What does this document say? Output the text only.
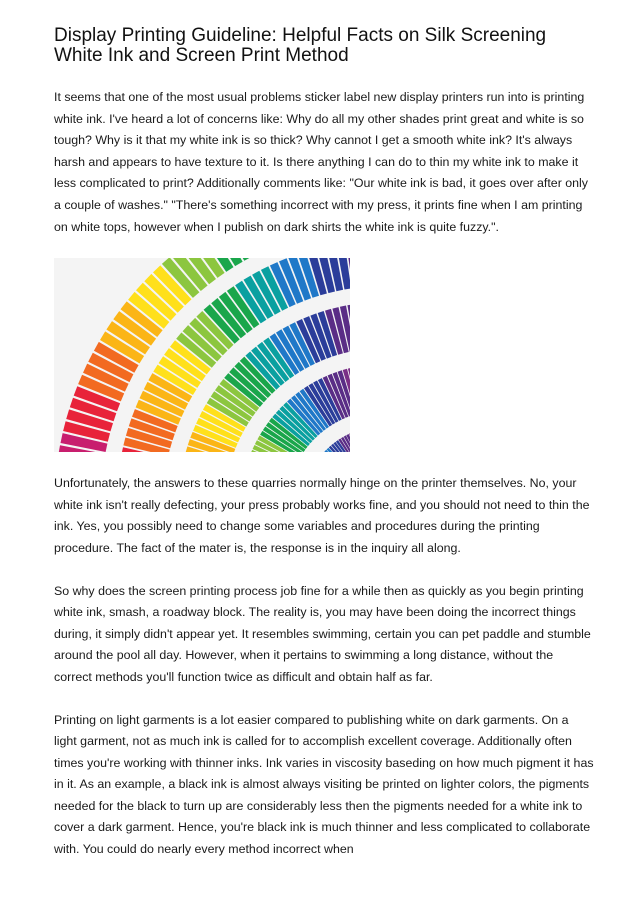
Display Printing Guideline: Helpful Facts on Silk Screening White Ink and Screen Print Method

It seems that one of the most usual problems sticker label new display printers run into is printing white ink. I've heard a lot of concerns like: Why do all my other shades print great and white is so tough? Why is it that my white ink is so thick? Why cannot I get a smooth white ink? It's always harsh and appears to have texture to it. Is there anything I can do to thin my white ink to make it less complicated to print? Additionally comments like: "Our white ink is bad, it goes over after only a couple of washes." "There's something incorrect with my press, it prints fine when I am printing on white tops, however when I publish on dark shirts the white ink is quite fuzzy.".

Unfortunately, the answers to these quarries normally hinge on the printer themselves. No, your white ink isn't really defecting, your press probably works fine, and you should not need to thin the ink. Yes, you possibly need to change some variables and procedures during the printing procedure. The fact of the mater is, the response is in the inquiry all along.

So why does the screen printing process job fine for a while then as quickly as you begin printing white ink, smash, a roadway block. The reality is, you may have been doing the incorrect things during, it simply didn't appear yet. It resembles swimming, certain you can pet paddle and stumble around the pool all day. However, when it pertains to swimming a long distance, without the correct methods you'll function twice as difficult and obtain half as far.

Printing on light garments is a lot easier compared to publishing white on dark garments. On a light garment, not as much ink is called for to accomplish excellent coverage. Additionally often times you're working with thinner inks. Ink varies in viscosity baseding on how much pigment it has in it. As an example, a black ink is almost always visiting be printed on lighter colors, the pigments needed for the black to turn up are considerably less then the pigments needed for a white ink to cover a dark garment. Hence, you're black ink is much thinner and less complicated to collaborate with. You could do nearly every method incorrect when
